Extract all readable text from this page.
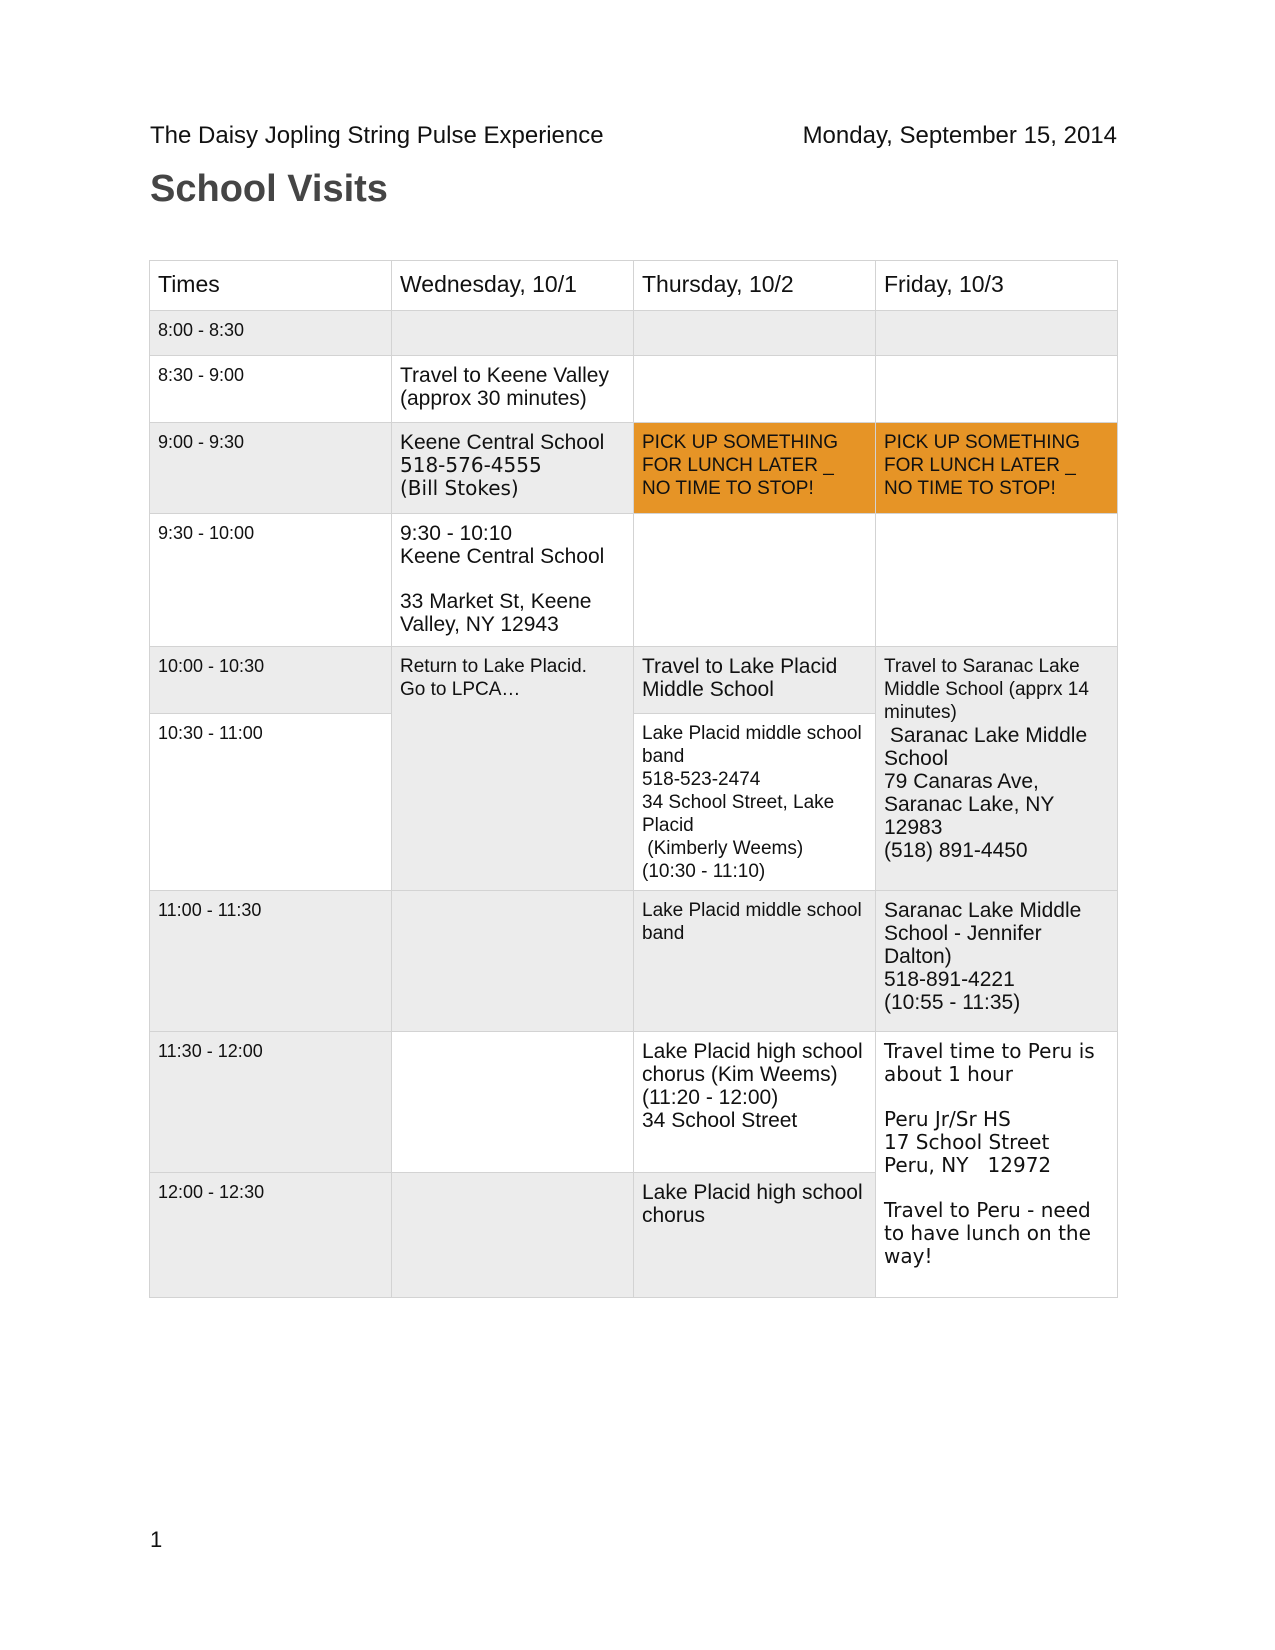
The Daisy Jopling String Pulse Experience	Monday, September 15, 2014
School Visits
Times	Wednesday, 10/1	Thursday, 10/2	Friday, 10/3
8:00 - 8:30			
8:30 - 9:00	Travel to Keene Valley
(approx 30 minutes)		

9:00 - 9:30	Keene Central School
518-576-4555
(Bill Stokes)	PICK UP SOMETHING FOR LUNCH LATER _ NO TIME TO STOP!	PICK UP SOMETHING FOR LUNCH LATER _ NO TIME TO STOP!
9:30 - 10:00	9:30 - 10:10
Keene Central School
33 Market St, Keene Valley, NY 12943		

10:00 - 10:30	Return to Lake Placid.
Go to LPCA…	Travel to Lake Placid
Middle School	Travel to Saranac Lake Middle School (apprx 14 minutes)
Saranac Lake Middle School
79 Canaras Ave, Saranac Lake, NY 12983
(518) 891-4450

10:30 - 11:00		Lake Placid middle school band
518-523-2474
34 School Street, Lake Placid
(Kimberly Weems)
(10:30 - 11:10)	

11:00 - 11:30		Lake Placid middle school band	Saranac Lake Middle School - Jennifer Dalton)
518-891-4221
(10:55 - 11:35)

11:30 - 12:00		Lake Placid high school chorus (Kim Weems)
(11:20 - 12:00)
34 School Street	Travel time to Peru is about 1 hour
Peru Jr/Sr HS
17 School Street
Peru, NY   12972
Travel to Peru - need to have lunch on the way!

12:00 - 12:30		Lake Placid high school chorus	
1
